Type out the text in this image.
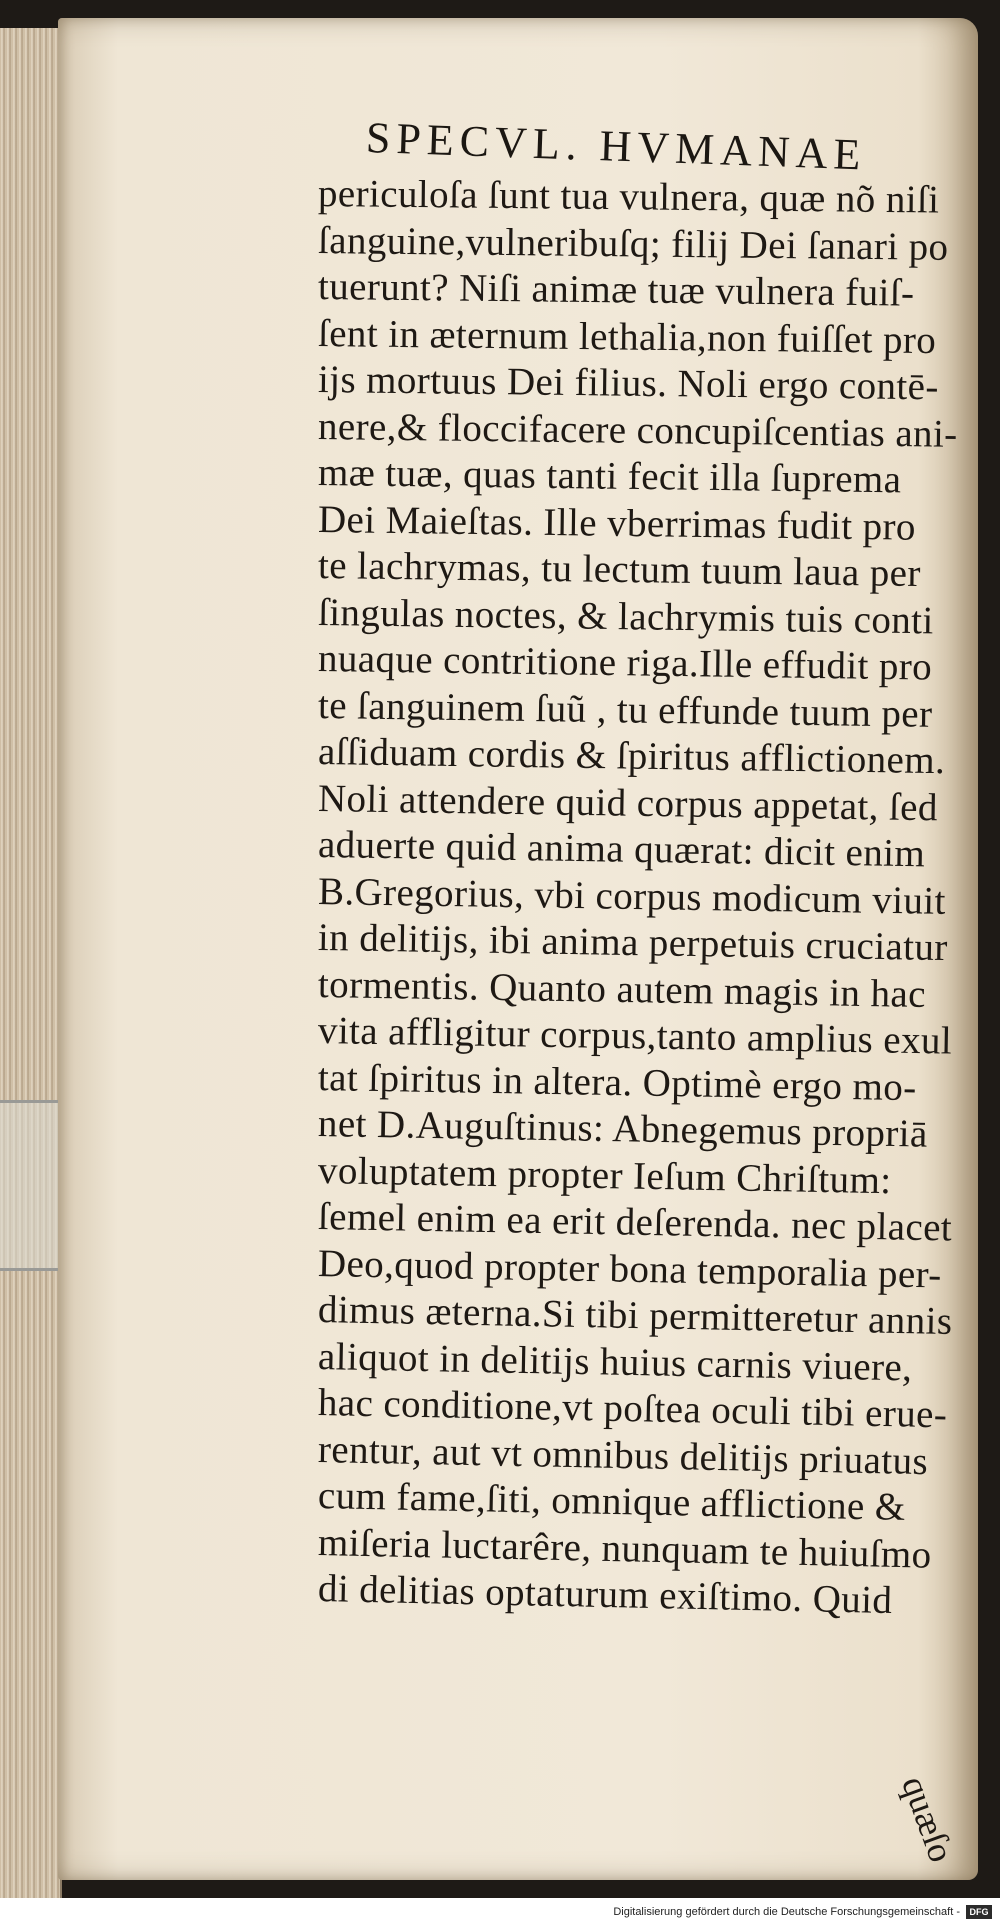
SPECVL. HVMANAE
periculoſa ſunt tua vulnera, quæ nõ niſi
ſanguine,vulneribuſq; filij Dei ſanari po
tuerunt? Niſi animæ tuæ vulnera fuiſ-
ſent in æternum lethalia,non fuiſſet pro
ijs mortuus Dei filius. Noli ergo contē-
nere,& floccifacere concupiſcentias ani-
mæ tuæ, quas tanti fecit illa ſuprema
Dei Maieſtas. Ille vberrimas fudit pro
te lachrymas, tu lectum tuum laua per
ſingulas noctes, & lachrymis tuis conti
nuaque contritione riga.Ille effudit pro
te ſanguinem ſuũ , tu effunde tuum per
aſſiduam cordis & ſpiritus afflictionem.
Noli attendere quid corpus appetat, ſed
aduerte quid anima quærat: dicit enim
B.Gregorius, vbi corpus modicum viuit
in delitijs, ibi anima perpetuis cruciatur
tormentis. Quanto autem magis in hac
vita affligitur corpus,tanto amplius exul
tat ſpiritus in altera. Optimè ergo mo-
net D.Auguſtinus: Abnegemus propriā
voluptatem propter Ieſum Chriſtum:
ſemel enim ea erit deſerenda. nec placet
Deo,quod propter bona temporalia per-
dimus æterna.Si tibi permitteretur annis
aliquot in delitijs huius carnis viuere,
hac conditione,vt poſtea oculi tibi erue-
rentur, aut vt omnibus delitijs priuatus
cum fame,ſiti, omnique afflictione &
miſeria luctarêre, nunquam te huiuſmo
di delitias optaturum exiſtimo. Quid
quæſo
Digitalisierung gefördert durch die Deutsche Forschungsgemeinschaft -	DFG
